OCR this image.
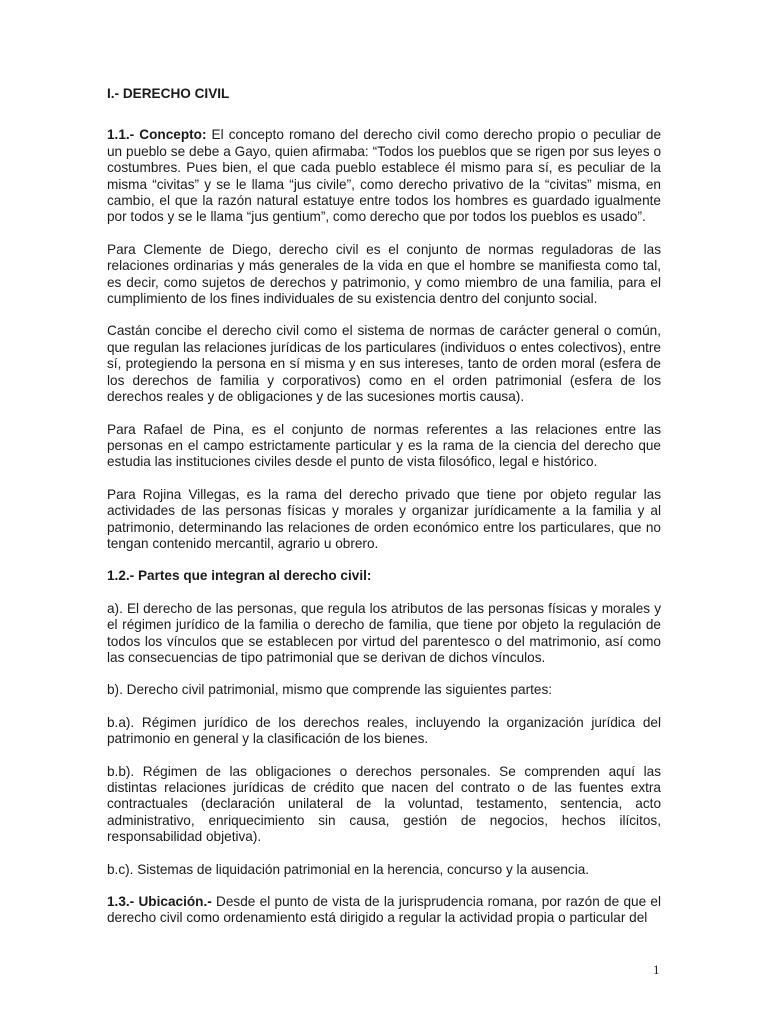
I.- DERECHO CIVIL

1.1.- Concepto: El concepto romano del derecho civil como derecho propio o peculiar de un pueblo se debe a Gayo, quien afirmaba: “Todos los pueblos que se rigen por sus leyes o costumbres. Pues bien, el que cada pueblo establece él mismo para sí, es peculiar de la misma “civitas” y se le llama “jus civile”, como derecho privativo de la “civitas” misma, en cambio, el que la razón natural estatuye entre todos los hombres es guardado igualmente por todos y se le llama “jus gentium”, como derecho que por todos los pueblos es usado”.

Para Clemente de Diego, derecho civil es el conjunto de normas reguladoras de las relaciones ordinarias y más generales de la vida en que el hombre se manifiesta como tal, es decir, como sujetos de derechos y patrimonio, y como miembro de una familia, para el cumplimiento de los fines individuales de su existencia dentro del conjunto social.

Castán concibe el derecho civil como el sistema de normas de carácter general o común, que regulan las relaciones jurídicas de los particulares (individuos o entes colectivos), entre sí, protegiendo la persona en sí misma y en sus intereses, tanto de orden moral (esfera de los derechos de familia y corporativos) como en el orden patrimonial (esfera de los derechos reales y de obligaciones y de las sucesiones mortis causa).

Para Rafael de Pina, es el conjunto de normas referentes a las relaciones entre las personas en el campo estrictamente particular y es la rama de la ciencia del derecho que estudia las instituciones civiles desde el punto de vista filosófico, legal e histórico.

Para Rojina Villegas, es la rama del derecho privado que tiene por objeto regular las actividades de las personas físicas y morales y organizar jurídicamente a la familia y al patrimonio, determinando las relaciones de orden económico entre los particulares, que no tengan contenido mercantil, agrario u obrero.

1.2.- Partes que integran al derecho civil:

a). El derecho de las personas, que regula los atributos de las personas físicas y morales y el régimen jurídico de la familia o derecho de familia, que tiene por objeto la regulación de todos los vínculos que se establecen por virtud del parentesco o del matrimonio, así como las consecuencias de tipo patrimonial que se derivan de dichos vínculos.

b). Derecho civil patrimonial, mismo que comprende las siguientes partes:

b.a). Régimen jurídico de los derechos reales, incluyendo la organización jurídica del patrimonio en general y la clasificación de los bienes.

b.b). Régimen de las obligaciones o derechos personales. Se comprenden aquí las distintas relaciones jurídicas de crédito que nacen del contrato o de las fuentes extra contractuales (declaración unilateral de la voluntad, testamento, sentencia, acto administrativo, enriquecimiento sin causa, gestión de negocios, hechos ilícitos, responsabilidad objetiva).

b.c). Sistemas de liquidación patrimonial en la herencia, concurso y la ausencia.

1.3.- Ubicación.- Desde el punto de vista de la jurisprudencia romana, por razón de que el derecho civil como ordenamiento está dirigido a regular la actividad propia o particular del

1
